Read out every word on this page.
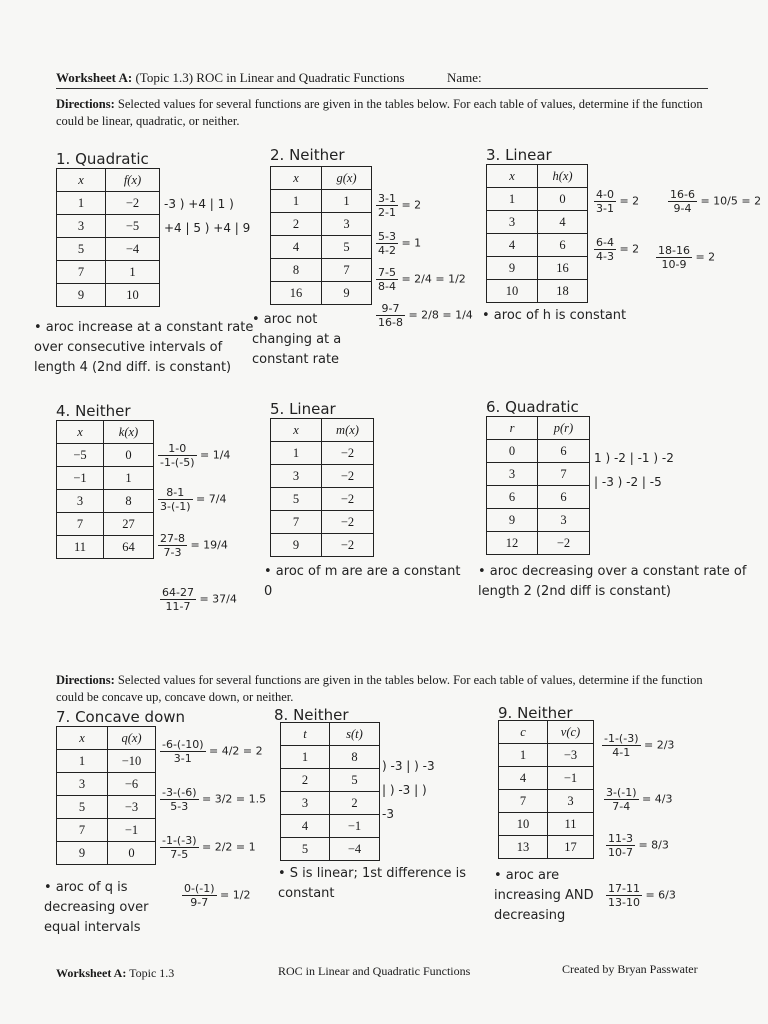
Worksheet A: (Topic 1.3) ROC in Linear and Quadratic Functions	Name:
Directions: Selected values for several functions are given in the tables below. For each table of values, determine if the function could be linear, quadratic, or neither.
1. Quadratic
x	f(x)
1	−2
3	−5
5	−4
7	1
9	10
-3 ) +4 | 1 ) +4 | 5 ) +4 | 9
• aroc increase at a constant rate over consecutive intervals of length 4 (2nd diff. is constant)
2. Neither
x	g(x)
1	1
2	3
4	5
8	7
16	9
$\frac{3-1}{2-1} = 2$
$\frac{5-3}{4-2} = 1$
$\frac{7-5}{8-4} = 2/4 = 1/2$
$\frac{9-7}{16-8} = 2/8 = 1/4$
• aroc not changing at a constant rate
3. Linear
x	h(x)
1	0
3	4
4	6
9	16
10	18
$\frac{4-0}{3-1} = 2$	$\frac{16-6}{9-4} = 10/5 = 2$
$\frac{6-4}{4-3} = 2 \frac{18-16}{10-9} = 2$
• aroc of h is constant
4. Neither
x	k(x)
−5	0
−1	1
3	8
7	27
11	64
$\frac{1-0}{-1-(-5)} = 1/4$
$\frac{8-1}{3-(-1)} = 7/4$
$\frac{27-8}{7-3} = 19/4$
$\frac{64-27}{11-7} = 37/4$
5. Linear
x	m(x)
1	−2
3	−2
5	−2
7	−2
9	−2
• aroc of m are are a constant 0
6. Quadratic
r	p(r)
0	6
3	7
6	6
9	3
12	−2
1 ) -2 | -1 ) -2 | -3 ) -2 | -5
• aroc decreasing over a constant rate of length 2 (2nd diff is constant)
Directions: Selected values for several functions are given in the tables below. For each table of values, determine if the function could be concave up, concave down, or neither.
7. Concave down
x	q(x)
1	−10
3	−6
5	−3
7	−1
9	0
$\frac{-6-(-10)}{3-1} = 4/2 = 2$
$\frac{-3-(-6)}{5-3} = 3/2 = 1.5$
$\frac{-1-(-3)}{7-5} = 2/2 = 1$
$\frac{0-(-1)}{9-7} = 1/2$
• aroc of q is decreasing over equal intervals
8. Neither
t	s(t)
1	8
2	5
3	2
4	−1
5	−4
) -3 | ) -3 | ) -3 | ) -3
• S is linear; 1st difference is constant
9. Neither
c	v(c)
1	−3
4	−1
7	3
10	11
13	17
$\frac{-1-(-3)}{4-1} = 2/3$
$\frac{3-(-1)}{7-4} = 4/3$
$\frac{11-3}{10-7} = 8/3$
$\frac{17-11}{13-10} = 6/3$
• aroc are increasing AND decreasing
Worksheet A: Topic 1.3	ROC in Linear and Quadratic Functions	Created by Bryan Passwater
